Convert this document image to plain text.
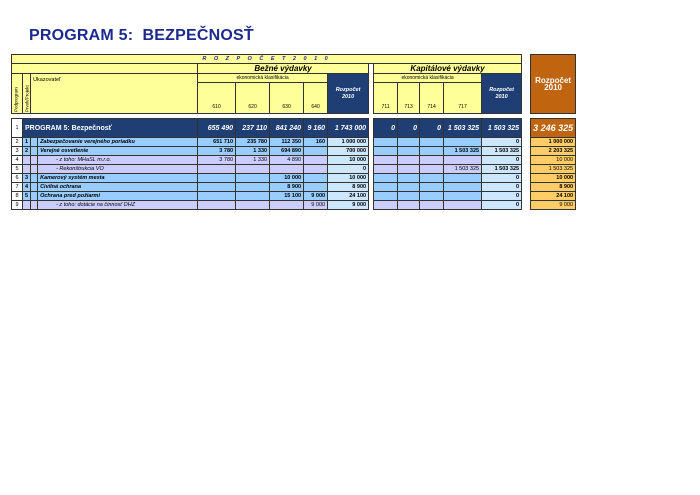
PROGRAM 5:  BEZPEČNOSŤ
R O Z P O Č E T 2 0 1 0																Rozpočet 2010
				Bežné výdavky						Kapitálové výdavky						
Podprogram	Prvok/Projekt	Ukazovateľ		ekonomická klasifikácia				Rozpočet 2010		ekonomická klasifikácia				Rozpočet 2010		
				610	620	630	640			711	713	714	717			

1	PROGRAM 5: Bezpečnosť			655 490	237 110	841 240	9 160	1 743 000		0	0	0	1 503 325	1 503 325		3 246 325
2	1		Zabezpečovanie verejného poriadku	651 710	235 780	112 350	160	1 000 000						0		1 000 000
3	2		Verejné osvetlenie	3 780	1 330	694 890		700 000					1 503 325	1 503 325		2 203 325
4			- z toho: MHaSL m.r.o.	3 780	1 330	4 890		10 000						0		10 000
5			- Rekonštrukcia VO					0					1 503 325	1 503 325		1 503 325
6	3		Kamerový systém mesta			10 000		10 000						0		10 000
7	4		Civilná ochrana			8 900		8 900						0		8 900
8	5		Ochrana pred požiarmi			15 100	9 000	24 100						0		24 100
9			- z toho: dotácie na činnosť DHZ				9 000	9 000						0		9 000
